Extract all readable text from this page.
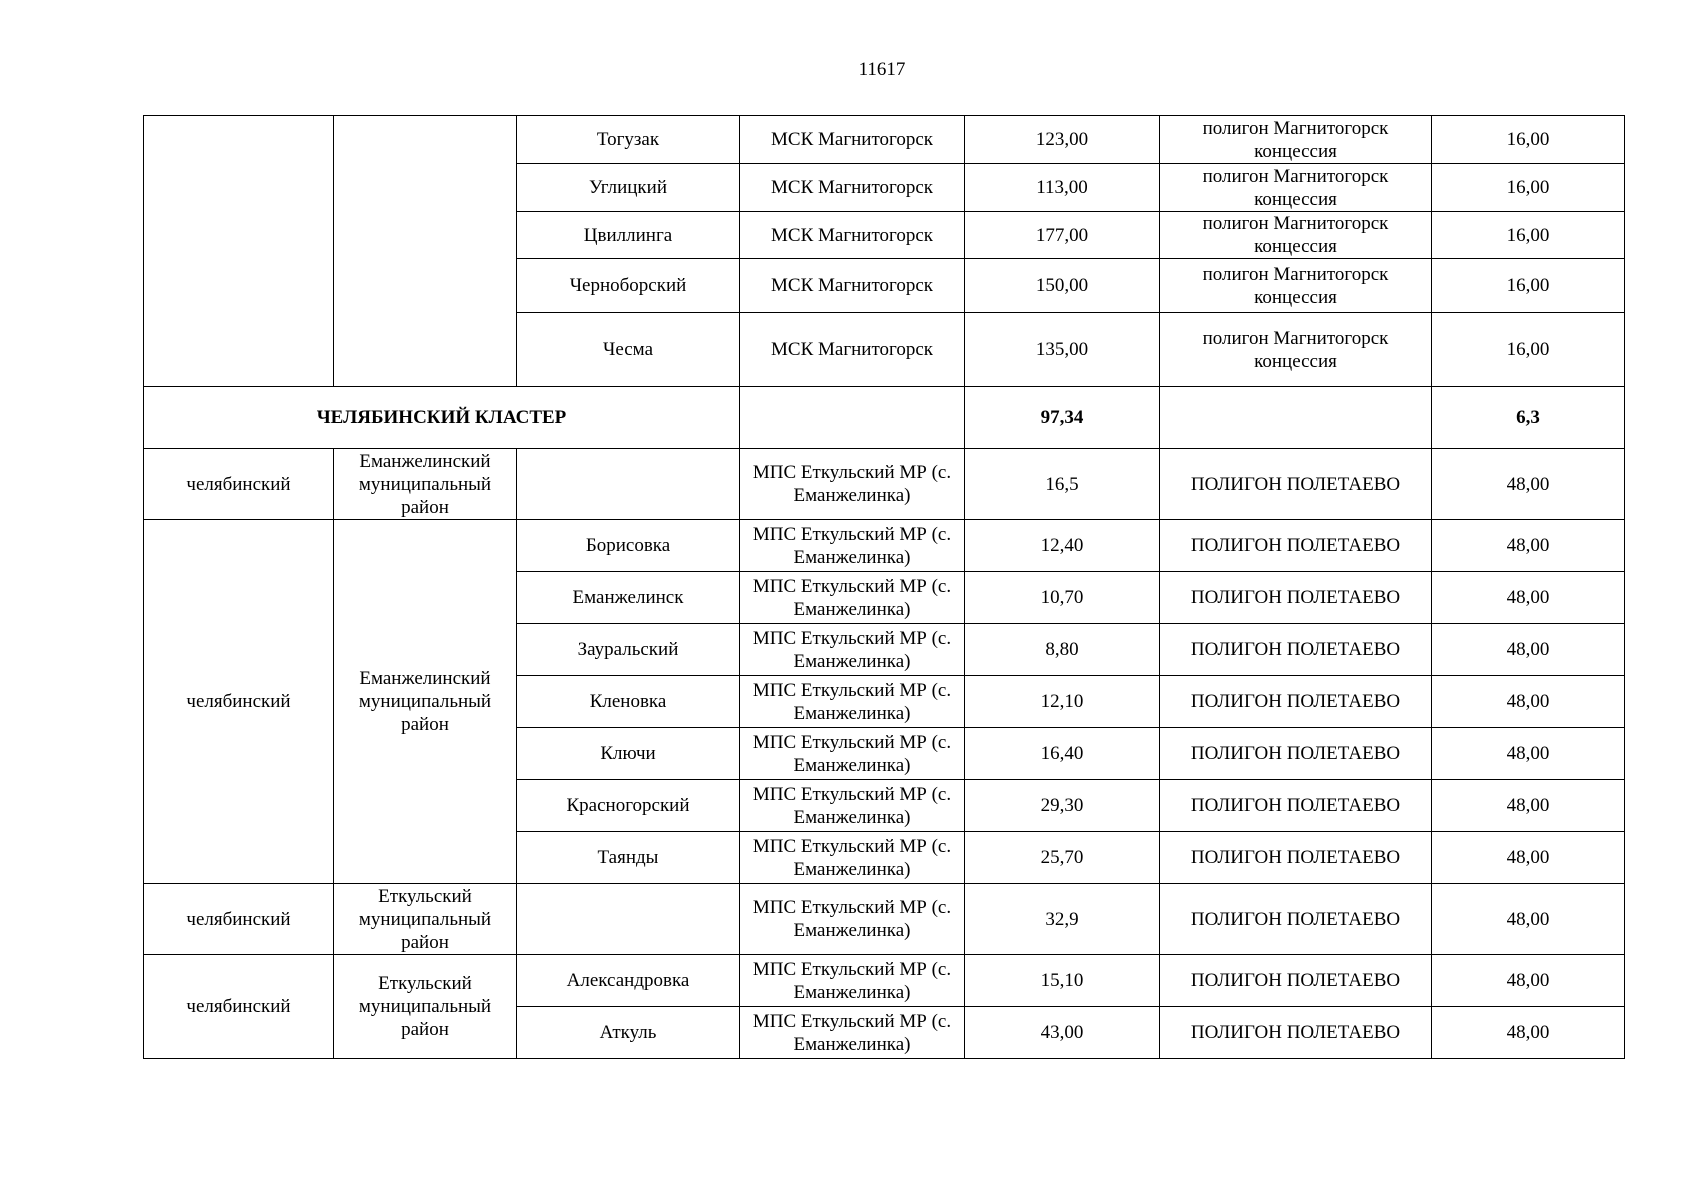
11617
		Тогузак	МСК Магнитогорск	123,00	полигон Магнитогорск концессия	16,00
		Углицкий	МСК Магнитогорск	113,00	полигон Магнитогорск концессия	16,00
		Цвиллинга	МСК Магнитогорск	177,00	полигон Магнитогорск концессия	16,00
		Черноборский	МСК Магнитогорск	150,00	полигон Магнитогорск концессия	16,00
		Чесма	МСК Магнитогорск	135,00	полигон Магнитогорск концессия	16,00
ЧЕЛЯБИНСКИЙ КЛАСТЕР				97,34		6,3
челябинский	Еманжелинский муниципальный район		МПС Еткульский МР (с. Еманжелинка)	16,5	ПОЛИГОН ПОЛЕТАЕВО	48,00
челябинский	Еманжелинский муниципальный район	Борисовка	МПС Еткульский МР (с. Еманжелинка)	12,40	ПОЛИГОН ПОЛЕТАЕВО	48,00
		Еманжелинск	МПС Еткульский МР (с. Еманжелинка)	10,70	ПОЛИГОН ПОЛЕТАЕВО	48,00
		Зауральский	МПС Еткульский МР (с. Еманжелинка)	8,80	ПОЛИГОН ПОЛЕТАЕВО	48,00
		Кленовка	МПС Еткульский МР (с. Еманжелинка)	12,10	ПОЛИГОН ПОЛЕТАЕВО	48,00
		Ключи	МПС Еткульский МР (с. Еманжелинка)	16,40	ПОЛИГОН ПОЛЕТАЕВО	48,00
		Красногорский	МПС Еткульский МР (с. Еманжелинка)	29,30	ПОЛИГОН ПОЛЕТАЕВО	48,00
		Таянды	МПС Еткульский МР (с. Еманжелинка)	25,70	ПОЛИГОН ПОЛЕТАЕВО	48,00
челябинский	Еткульский муниципальный район		МПС Еткульский МР (с. Еманжелинка)	32,9	ПОЛИГОН ПОЛЕТАЕВО	48,00
челябинский	Еткульский муниципальный район	Александровка	МПС Еткульский МР (с. Еманжелинка)	15,10	ПОЛИГОН ПОЛЕТАЕВО	48,00
		Аткуль	МПС Еткульский МР (с. Еманжелинка)	43,00	ПОЛИГОН ПОЛЕТАЕВО	48,00
